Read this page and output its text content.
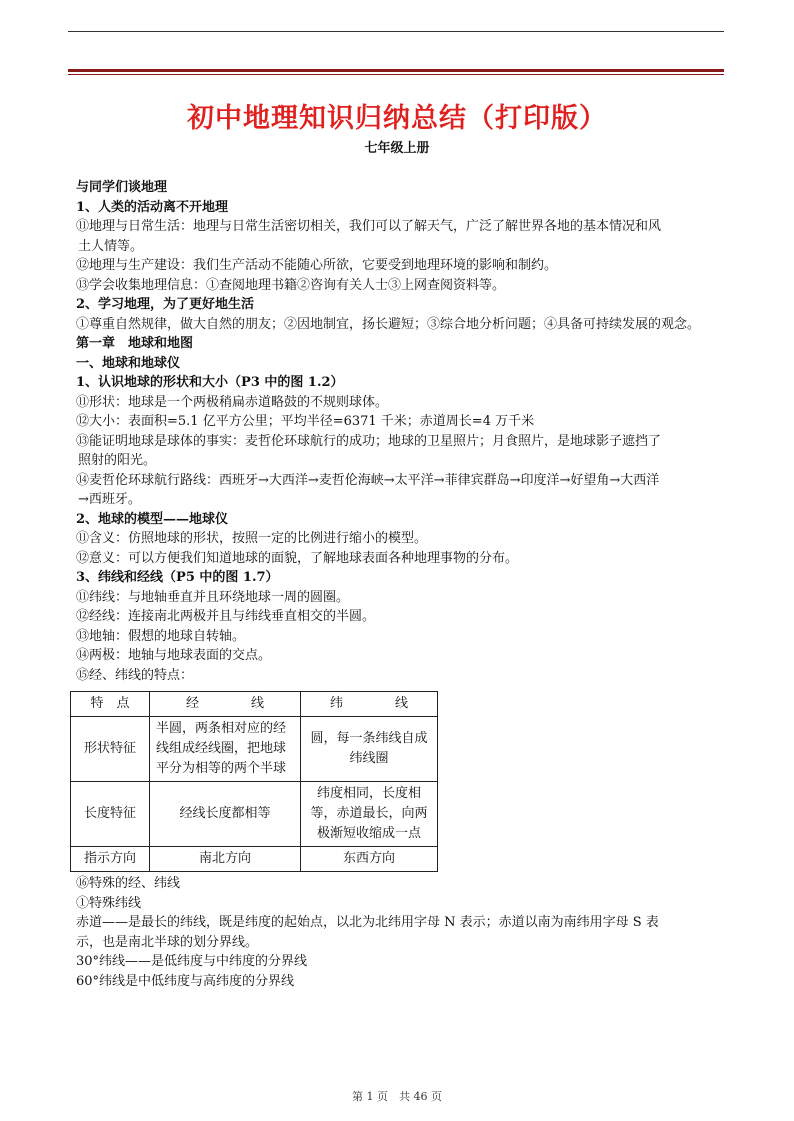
初中地理知识归纳总结（打印版）
七年级上册
与同学们谈地理
1、人类的活动离不开地理
⑪地理与日常生活：地理与日常生活密切相关，我们可以了解天气，广泛了解世界各地的基本情况和风
土人情等。
⑫地理与生产建设：我们生产活动不能随心所欲，它要受到地理环境的影响和制约。
⑬学会收集地理信息：①查阅地理书籍②咨询有关人士③上网查阅资料等。
2、学习地理，为了更好地生活
①尊重自然规律，做大自然的朋友；②因地制宜，扬长避短；③综合地分析问题；④具备可持续发展的观念。
第一章　地球和地图
一、地球和地球仪
1、认识地球的形状和大小（P3 中的图 1.2）
⑪形状：地球是一个两极稍扁赤道略鼓的不规则球体。
⑫大小：表面积=5.1 亿平方公里；平均半径=6371 千米；赤道周长=4 万千米
⑬能证明地球是球体的事实：麦哲伦环球航行的成功；地球的卫星照片；月食照片，是地球影子遮挡了
照射的阳光。
⑭麦哲伦环球航行路线：西班牙→大西洋→麦哲伦海峡→太平洋→菲律宾群岛→印度洋→好望角→大西洋
→西班牙。
2、地球的模型——地球仪
⑪含义：仿照地球的形状，按照一定的比例进行缩小的模型。
⑫意义：可以方便我们知道地球的面貌，了解地球表面各种地理事物的分布。
3、纬线和经线（P5 中的图 1.7）
⑪纬线：与地轴垂直并且环绕地球一周的圆圈。
⑫经线：连接南北两极并且与纬线垂直相交的半圆。
⑬地轴：假想的地球自转轴。
⑭两极：地轴与地球表面的交点。
⑮经、纬线的特点：
特　点	经　　　　线	纬　　　　线
形状特征	半圆，两条相对应的经线组成经线圈，把地球平分为相等的两个半球	圆，每一条纬线自成纬线圈
长度特征	经线长度都相等	纬度相同，长度相等，赤道最长，向两极渐短收缩成一点
指示方向	南北方向	东西方向
⑯特殊的经、纬线
①特殊纬线
赤道——是最长的纬线，既是纬度的起始点，以北为北纬用字母 N 表示；赤道以南为南纬用字母 S 表
示，也是南北半球的划分界线。
30°纬线——是低纬度与中纬度的分界线
60°纬线是中低纬度与高纬度的分界线
第 1 页　共 46 页
